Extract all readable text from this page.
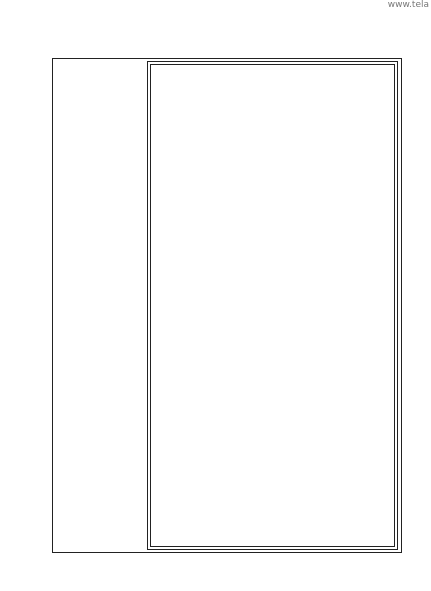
www.tela
